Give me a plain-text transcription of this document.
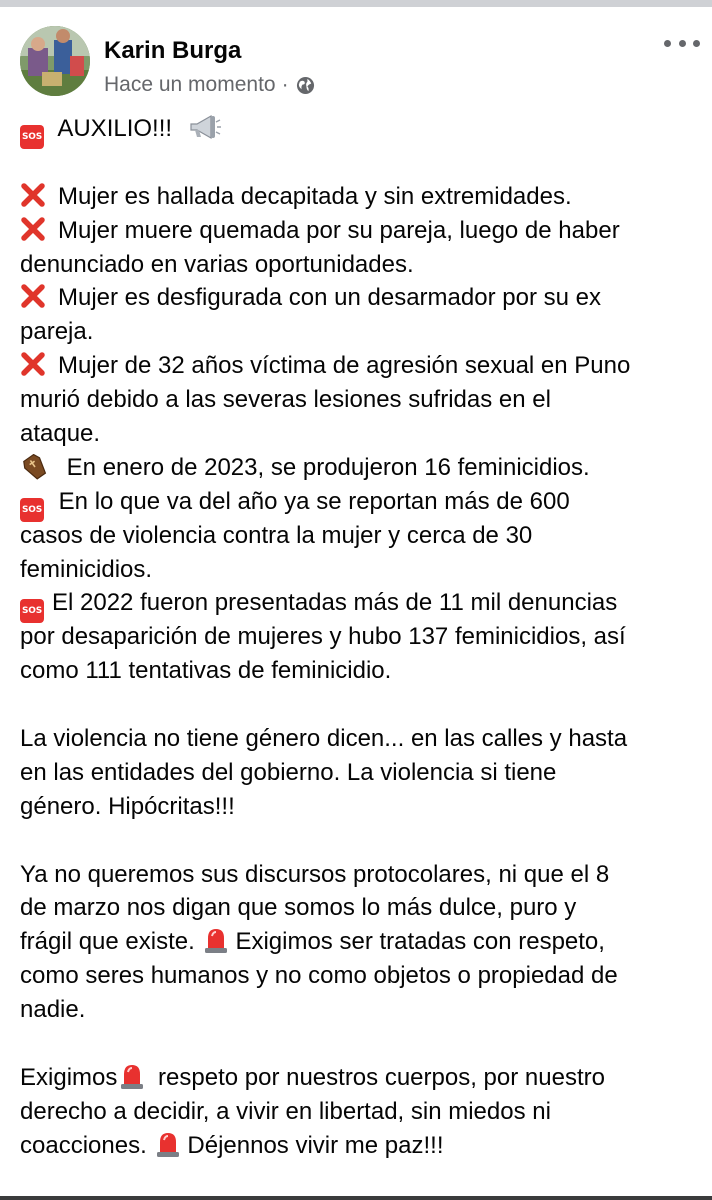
Karin Burga
Hace un momento ·
SOS AUXILIO!!!
Mujer es hallada decapitada y sin extremidades.
Mujer muere quemada por su pareja, luego de haber
denunciado en varias oportunidades.
Mujer es desfigurada con un desarmador por su ex
pareja.
Mujer de 32 años víctima de agresión sexual en Puno
murió debido a las severas lesiones sufridas en el
ataque.
En enero de 2023, se produjeron 16 feminicidios.
SOS En lo que va del año ya se reportan más de 600
casos de violencia contra la mujer y cerca de 30
feminicidios.
SOS El 2022 fueron presentadas más de 11 mil denuncias
por desaparición de mujeres y hubo 137 feminicidios, así
como 111 tentativas de feminicidio.
La violencia no tiene género dicen... en las calles y hasta
en las entidades del gobierno. La violencia si tiene
género. Hipócritas!!!
Ya no queremos sus discursos protocolares, ni que el 8
de marzo nos digan que somos lo más dulce, puro y
frágil que existe. Exigimos ser tratadas con respeto,
como seres humanos y no como objetos o propiedad de
nadie.
Exigimos respeto por nuestros cuerpos, por nuestro
derecho a decidir, a vivir en libertad, sin miedos ni
coacciones. Déjennos vivir me paz!!!
